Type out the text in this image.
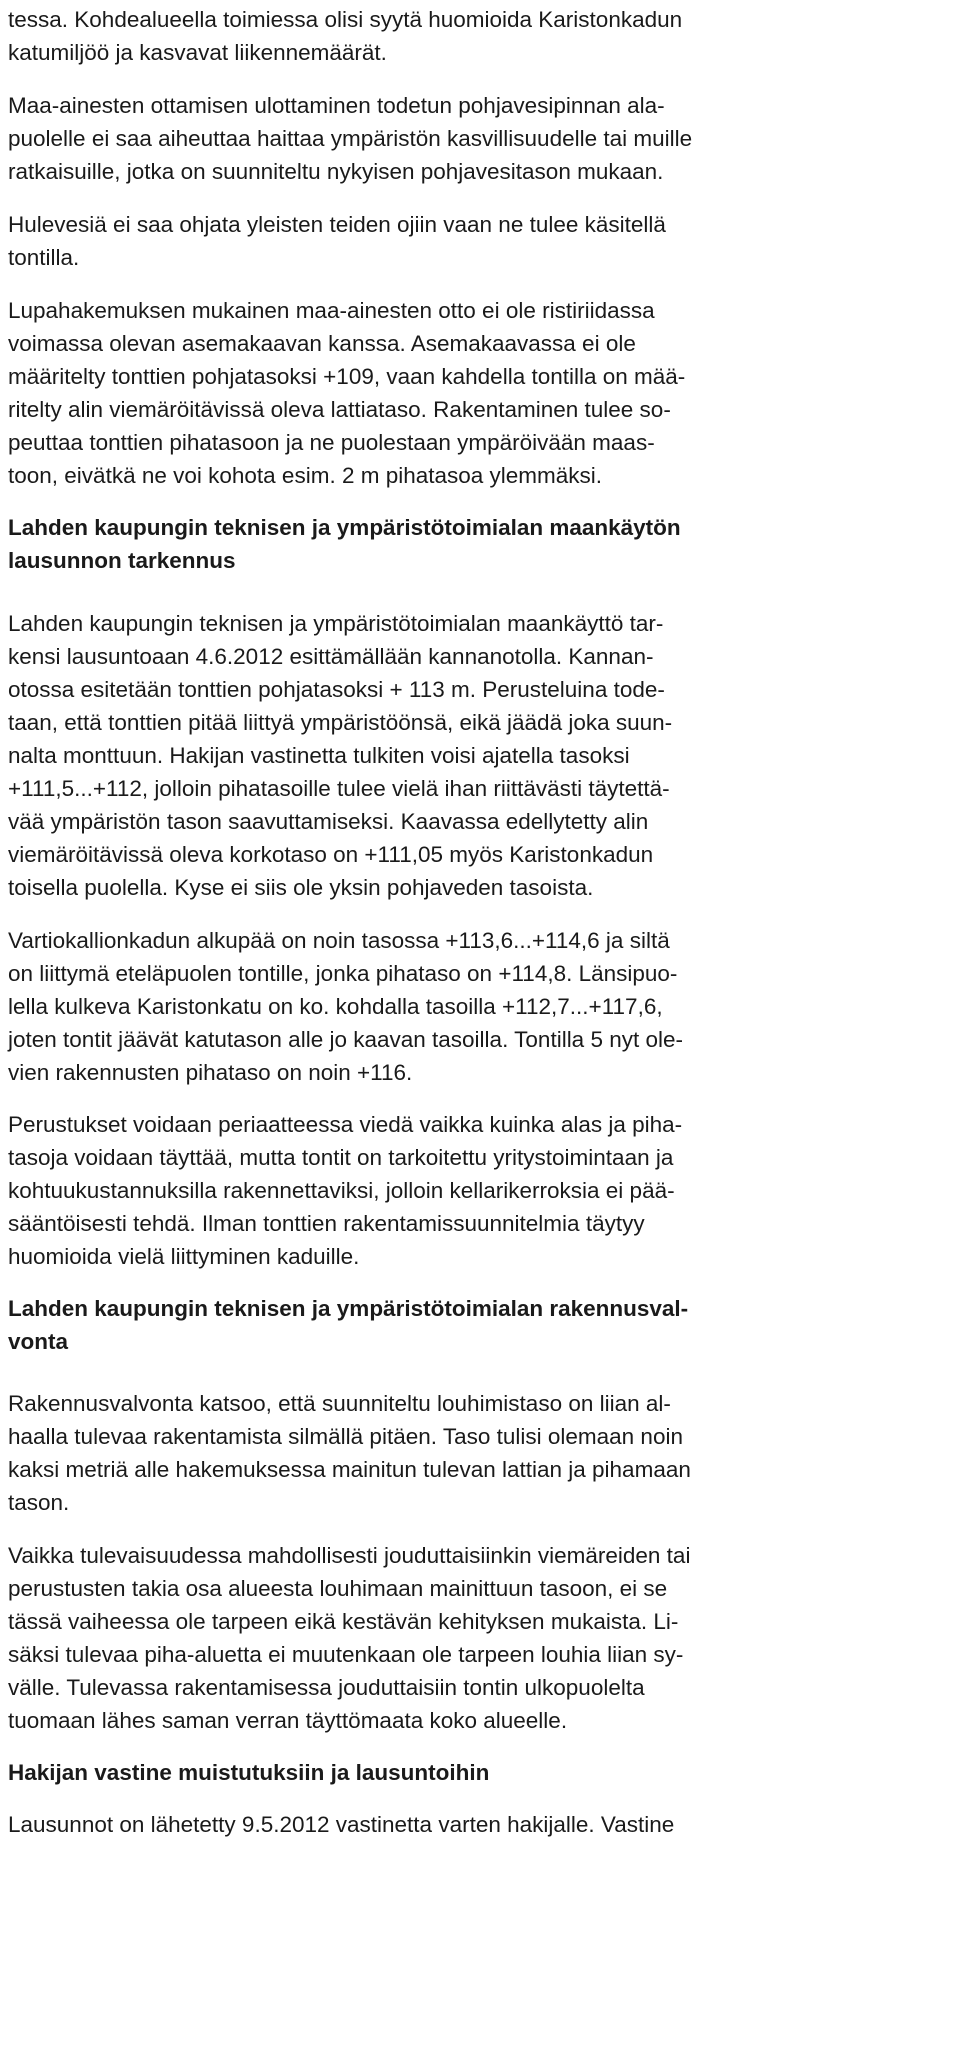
tessa. Kohdealueella toimiessa olisi syytä huomioida Karistonkadun
katumiljöö ja kasvavat liikennemäärät.
Maa-ainesten ottamisen ulottaminen todetun pohjavesipinnan ala-
puolelle ei saa aiheuttaa haittaa ympäristön kasvillisuudelle tai muille
ratkaisuille, jotka on suunniteltu nykyisen pohjavesitason mukaan.
Hulevesiä ei saa ohjata yleisten teiden ojiin vaan ne tulee käsitellä
tontilla.
Lupahakemuksen mukainen maa-ainesten otto ei ole ristiriidassa
voimassa olevan asemakaavan kanssa. Asemakaavassa ei ole
määritelty tonttien pohjatasoksi +109, vaan kahdella tontilla on mää-
ritelty alin viemäröitävissä oleva lattiataso. Rakentaminen tulee so-
peuttaa tonttien pihatasoon ja ne puolestaan ympäröivään maas-
toon, eivätkä ne voi kohota esim. 2 m pihatasoa ylemmäksi.
Lahden kaupungin teknisen ja ympäristötoimialan maankäytön
lausunnon tarkennus
Lahden kaupungin teknisen ja ympäristötoimialan maankäyttö tar-
kensi lausuntoaan 4.6.2012 esittämällään kannanotolla. Kannan-
otossa esitetään tonttien pohjatasoksi + 113 m. Perusteluina tode-
taan, että tonttien pitää liittyä ympäristöönsä, eikä jäädä joka suun-
nalta monttuun. Hakijan vastinetta tulkiten voisi ajatella tasoksi
+111,5...+112, jolloin pihatasoille tulee vielä ihan riittävästi täytettä-
vää ympäristön tason saavuttamiseksi. Kaavassa edellytetty alin
viemäröitävissä oleva korkotaso on +111,05 myös Karistonkadun
toisella puolella. Kyse ei siis ole yksin pohjaveden tasoista.
Vartiokallionkadun alkupää on noin tasossa +113,6...+114,6 ja siltä
on liittymä eteläpuolen tontille, jonka pihataso on +114,8. Länsipuo-
lella kulkeva Karistonkatu on ko. kohdalla tasoilla +112,7...+117,6,
joten tontit jäävät katutason alle jo kaavan tasoilla. Tontilla 5 nyt ole-
vien rakennusten pihataso on noin +116.
Perustukset voidaan periaatteessa viedä vaikka kuinka alas ja piha-
tasoja voidaan täyttää, mutta tontit on tarkoitettu yritystoimintaan ja
kohtuukustannuksilla rakennettaviksi, jolloin kellarikerroksia ei pää-
sääntöisesti tehdä. Ilman tonttien rakentamissuunnitelmia täytyy
huomioida vielä liittyminen kaduille.
Lahden kaupungin teknisen ja ympäristötoimialan rakennusval-
vonta
Rakennusvalvonta katsoo, että suunniteltu louhimistaso on liian al-
haalla tulevaa rakentamista silmällä pitäen. Taso tulisi olemaan noin
kaksi metriä alle hakemuksessa mainitun tulevan lattian ja pihamaan
tason.
Vaikka tulevaisuudessa mahdollisesti jouduttaisiinkin viemäreiden tai
perustusten takia osa alueesta louhimaan mainittuun tasoon, ei se
tässä vaiheessa ole tarpeen eikä kestävän kehityksen mukaista. Li-
säksi tulevaa piha-aluetta ei muutenkaan ole tarpeen louhia liian sy-
välle. Tulevassa rakentamisessa jouduttaisiin tontin ulkopuolelta
tuomaan lähes saman verran täyttömaata koko alueelle.
Hakijan vastine muistutuksiin ja lausuntoihin
Lausunnot on lähetetty 9.5.2012 vastinetta varten hakijalle. Vastine
